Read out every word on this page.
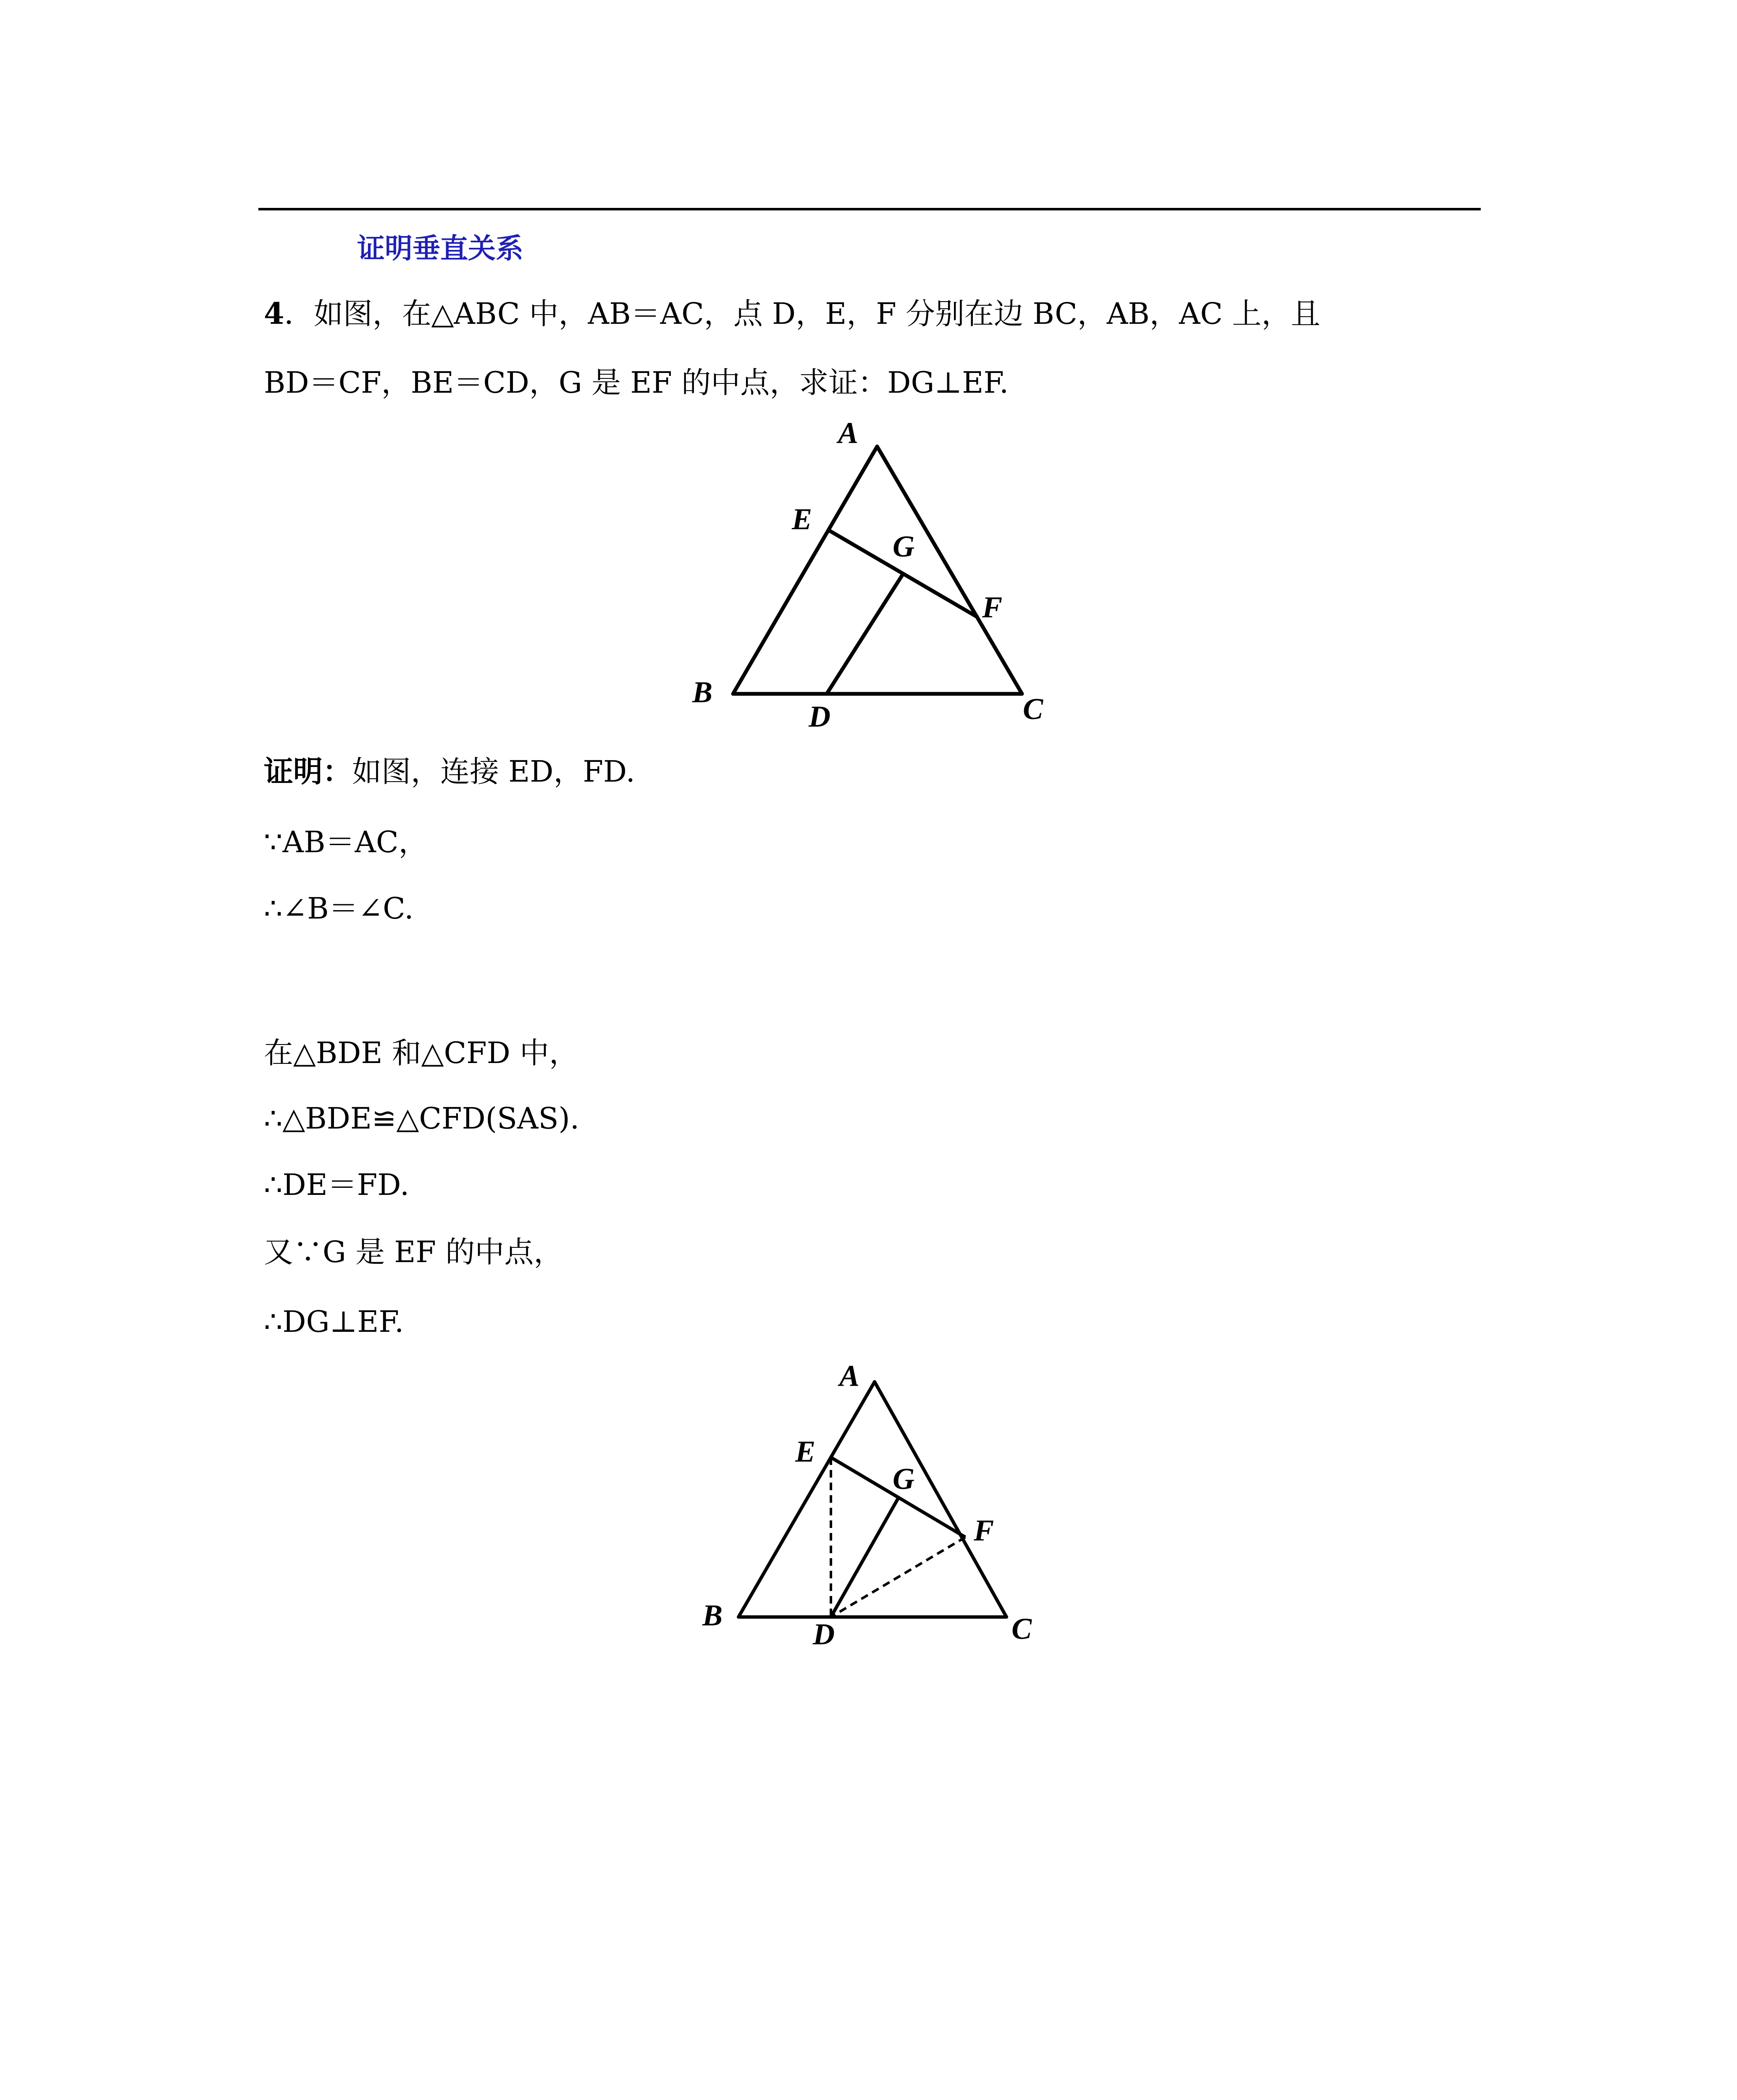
证明垂直关系
4．如图，在△ABC 中，AB＝AC，点 D，E，F 分别在边 BC，AB，AC 上，且
BD＝CF，BE＝CD，G 是 EF 的中点，求证：DG⊥EF.
A
B	C
D
E
F
G
证明：如图，连接 ED，FD.
∵AB＝AC，
∴∠B＝∠C.
在△BDE 和△CFD 中，
∴△BDE≌△CFD(SAS).
∴DE＝FD.
又∵G 是 EF 的中点，
∴DG⊥EF.
A
B	C
D
E
F
G
